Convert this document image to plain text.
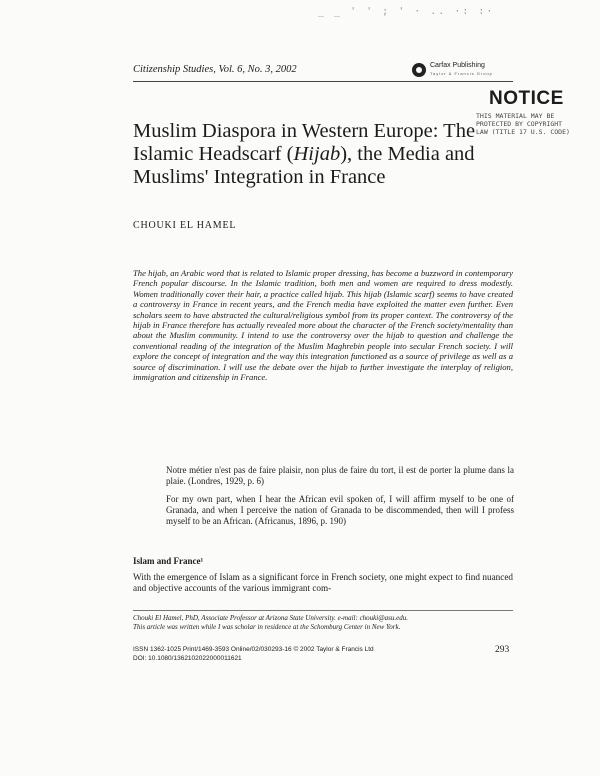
_ _ ' ' ; ' · .. ·: :·
Citizenship Studies, Vol. 6, No. 3, 2002	Carfax Publishing
Taylor & Francis Group
NOTICE
THIS MATERIAL MAY BE
PROTECTED BY COPYRIGHT
LAW (TITLE 17 U.S. CODE)
Muslim Diaspora in Western Europe: The Islamic Headscarf (Hijab), the Media and Muslims' Integration in France
CHOUKI EL HAMEL

The hijab, an Arabic word that is related to Islamic proper dressing, has become a buzzword in contemporary French popular discourse. In the Islamic tradition, both men and women are required to dress modestly. Women traditionally cover their hair, a practice called hijab. This hijab (Islamic scarf) seems to have created a controversy in France in recent years, and the French media have exploited the matter even further. Even scholars seem to have abstracted the cultural/religious symbol from its proper context. The controversy of the hijab in France therefore has actually revealed more about the character of the French society/mentality than about the Muslim community. I intend to use the controversy over the hijab to question and challenge the conventional reading of the integration of the Muslim Maghrebin people into secular French society. I will explore the concept of integration and the way this integration functioned as a source of privilege as well as a source of discrimination. I will use the debate over the hijab to further investigate the interplay of religion, immigration and citizenship in France.

Notre métier n'est pas de faire plaisir, non plus de faire du tort, il est de porter la plume dans la plaie. (Londres, 1929, p. 6)

For my own part, when I hear the African evil spoken of, I will affirm myself to be one of Granada, and when I perceive the nation of Granada to be discommended, then will I profess myself to be an African. (Africanus, 1896, p. 190)

Islam and France¹

With the emergence of Islam as a significant force in French society, one might expect to find nuanced and objective accounts of the various immigrant com-

Chouki El Hamel, PhD, Associate Professor at Arizona State University. e-mail: chouki@asu.edu.
This article was written while I was scholar in residence at the Schomburg Center in New York.
ISSN 1362-1025 Print/1469-3593 Online/02/030293-16 © 2002 Taylor & Francis Ltd
DOI: 10.1080/1362102022000011621
293
